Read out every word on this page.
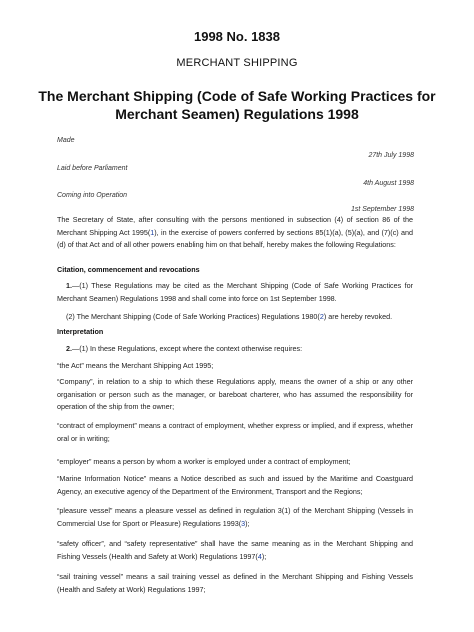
1998 No. 1838
MERCHANT SHIPPING
The Merchant Shipping (Code of Safe Working Practices for
Merchant Seamen) Regulations 1998
Made
27th July 1998
Laid before Parliament
4th August 1998
Coming into Operation
1st September 1998
The Secretary of State, after consulting with the persons mentioned in subsection (4) of section 86 of the Merchant Shipping Act 1995(1), in the exercise of powers conferred by sections 85(1)(a), (5)(a), and (7)(c) and (d) of that Act and of all other powers enabling him on that behalf, hereby makes the following Regulations:
Citation, commencement and revocations
1.—(1) These Regulations may be cited as the Merchant Shipping (Code of Safe Working Practices for Merchant Seamen) Regulations 1998 and shall come into force on 1st September 1998.
(2) The Merchant Shipping (Code of Safe Working Practices) Regulations 1980(2) are hereby revoked.
Interpretation
2.—(1) In these Regulations, except where the context otherwise requires:
“the Act” means the Merchant Shipping Act 1995;
“Company”, in relation to a ship to which these Regulations apply, means the owner of a ship or any other organisation or person such as the manager, or bareboat charterer, who has assumed the responsibility for operation of the ship from the owner;
“contract of employment” means a contract of employment, whether express or implied, and if express, whether oral or in writing;
“employer” means a person by whom a worker is employed under a contract of employment;
“Marine Information Notice” means a Notice described as such and issued by the Maritime and Coastguard Agency, an executive agency of the Department of the Environment, Transport and the Regions;
“pleasure vessel” means a pleasure vessel as defined in regulation 3(1) of the Merchant Shipping (Vessels in Commercial Use for Sport or Pleasure) Regulations 1993(3);
“safety officer”, and “safety representative” shall have the same meaning as in the Merchant Shipping and Fishing Vessels (Health and Safety at Work) Regulations 1997(4);
“sail training vessel” means a sail training vessel as defined in the Merchant Shipping and Fishing Vessels (Health and Safety at Work) Regulations 1997;
